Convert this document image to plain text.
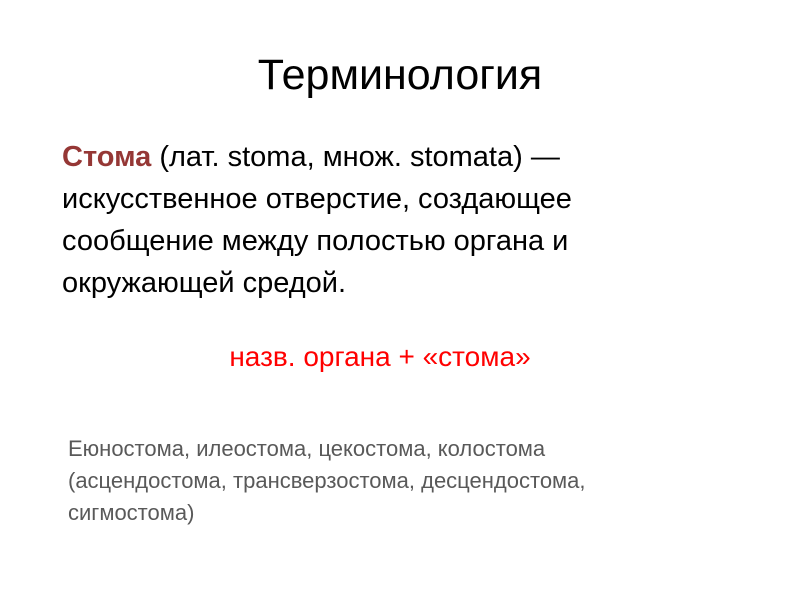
Терминология
Стома (лат. stoma, множ. stomata) — искусственное отверстие, создающее сообщение между полостью органа и окружающей средой.
назв. органа + «стома»
Еюностома, илеостома, цекостома, колостома (асцендостома, трансверзостома, десцендостома, сигмостома)
